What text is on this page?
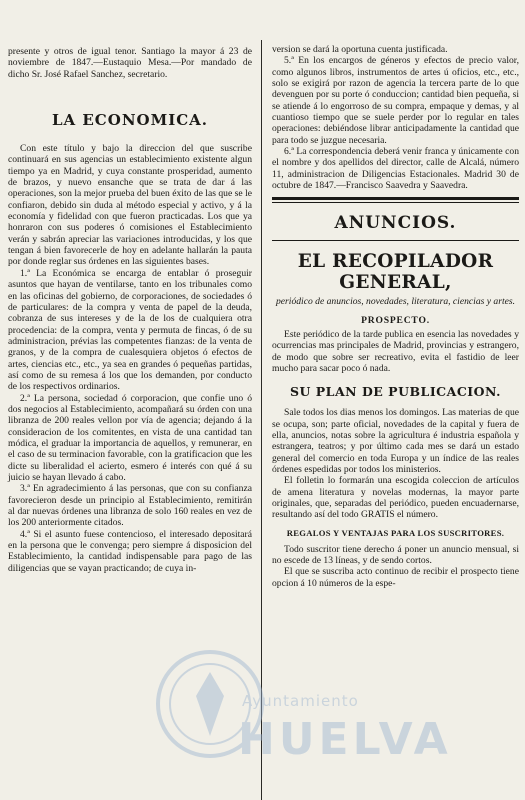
presente y otros de igual tenor. Santiago la mayor á 23 de noviembre de 1847.—Eustaquio Mesa.—Por mandado de dicho Sr. José Rafael Sanchez, secretario.

LA ECONOMICA.

Con este título y bajo la direccion del que suscribe continuará en sus agencias un establecimiento existente algun tiempo ya en Madrid, y cuya constante prosperidad, aumento de brazos, y nuevo ensanche que se trata de dar á las operaciones, son la mejor prueba del buen éxito de las que se le confiaron, debido sin duda al método especial y activo, y á la economía y fidelidad con que fueron practicadas. Los que ya honraron con sus poderes ó comisiones el Establecimiento verán y sabrán apreciar las variaciones introducidas, y los que tengan á bien favorecerle de hoy en adelante hallarán la pauta por donde reglar sus órdenes en las siguientes bases.

1.ª La Económica se encarga de entablar ó proseguir asuntos que hayan de ventilarse, tanto en los tribunales como en las oficinas del gobierno, de corporaciones, de sociedades ó de particulares: de la compra y venta de papel de la deuda, cobranza de sus intereses y de la de los de cualquiera otra procedencia: de la compra, venta y permuta de fincas, ó de su administracion, prévias las competentes fianzas: de la venta de granos, y de la compra de cualesquiera objetos ó efectos de artes, ciencias etc., etc., ya sea en grandes ó pequeñas partidas, así como de su remesa á los que los demanden, por conducto de los respectivos ordinarios.

2.ª La persona, sociedad ó corporacion, que confie uno ó dos negocios al Establecimiento, acompañará su órden con una libranza de 200 reales vellon por vía de agencia; dejando á la consideracion de los comitentes, en vista de una cantidad tan módica, el graduar la importancia de aquellos, y remunerar, en el caso de su terminacion favorable, con la gratificacion que les dicte su liberalidad el acierto, esmero é interés con qué á su juicio se hayan llevado á cabo.

3.ª En agradecimiento á las personas, que con su confianza favorecieron desde un principio al Establecimiento, remitirán al dar nuevas órdenes una libranza de solo 160 reales en vez de los 200 anteriormente citados.

4.ª Si el asunto fuese contencioso, el interesado depositará en la persona que le convenga; pero siempre á disposicion del Establecimiento, la cantidad indispensable para pago de las diligencias que se vayan practicando; de cuya in-

version se dará la oportuna cuenta justificada.

5.ª En los encargos de géneros y efectos de precio valor, como algunos libros, instrumentos de artes ú oficios, etc., etc., solo se exigirá por razon de agencia la tercera parte de lo que devenguen por su porte ó conduccion; cantidad bien pequeña, si se atiende á lo engorroso de su compra, empaque y demas, y al cuantioso tiempo que se suele perder por lo regular en tales operaciones: debiéndose librar anticipadamente la cantidad que para todo se juzgue necesaria.

6.ª La correspondencia deberá venir franca y únicamente con el nombre y dos apellidos del director, calle de Alcalá, número 11, administracion de Diligencias Estacionales. Madrid 30 de octubre de 1847.—Francisco Saavedra y Saavedra.

ANUNCIOS.
EL RECOPILADOR GENERAL,
periódico de anuncios, novedades, literatura, ciencias y artes.
PROSPECTO.

Este periódico de la tarde publica en esencia las novedades y ocurrencias mas principales de Madrid, provincias y estrangero, de modo que sobre ser recreativo, evita el fastidio de leer mucho para sacar poco ó nada.

SU PLAN DE PUBLICACION.

Sale todos los dias menos los domingos. Las materias de que se ocupa, son; parte oficial, novedades de la capital y fuera de ella, anuncios, notas sobre la agricultura é industria española y estrangera, teatros; y por último cada mes se dará un estado general del comercio en toda Europa y un índice de las reales órdenes espedidas por todos los ministerios.

El folletin lo formarán una escogida coleccion de artículos de amena literatura y novelas modernas, la mayor parte originales, que, separadas del periódico, pueden encuadernarse, resultando así del todo GRATIS el número.

REGALOS Y VENTAJAS PARA LOS SUSCRITORES.

Todo suscritor tiene derecho á poner un anuncio mensual, si no escede de 13 líneas, y de sendo cortos.

El que se suscriba acto continuo de recibir el prospecto tiene opcion á 10 números de la espe-

Ayuntamiento
HUELVA
